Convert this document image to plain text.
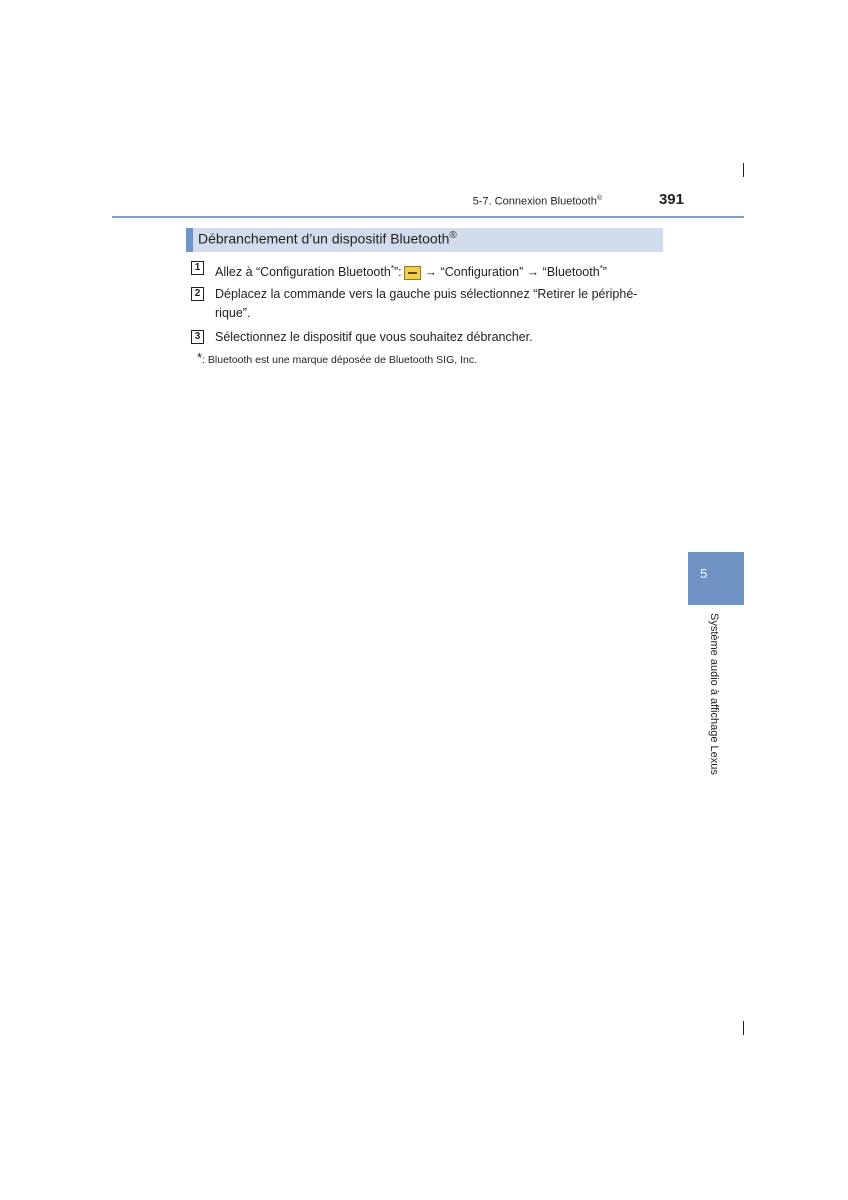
5-7. Connexion Bluetooth®	391
Débranchement d’un dispositif Bluetooth®
1 Allez à “Configuration Bluetooth*”: → “Configuration” → “Bluetooth*”
2 Déplacez la commande vers la gauche puis sélectionnez “Retirer le périphé-rique”.
3 Sélectionnez le dispositif que vous souhaitez débrancher.
*: Bluetooth est une marque déposée de Bluetooth SIG, Inc.
5
Système audio à affichage Lexus
